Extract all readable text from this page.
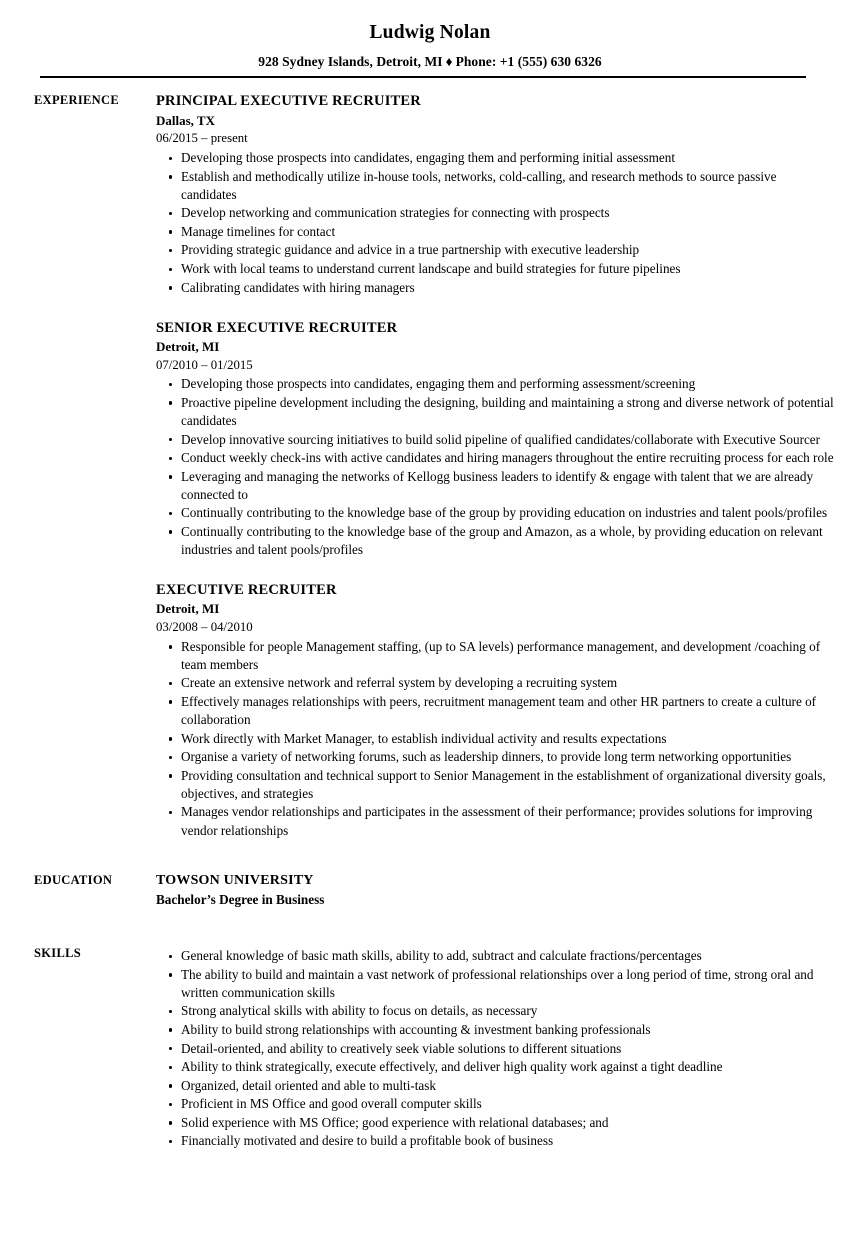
Ludwig Nolan
928 Sydney Islands, Detroit, MI ♦ Phone: +1 (555) 630 6326
EXPERIENCE	PRINCIPAL EXECUTIVE RECRUITER
Dallas, TX
06/2015 – present
Developing those prospects into candidates, engaging them and performing initial assessment
Establish and methodically utilize in-house tools, networks, cold-calling, and research methods to source passive candidates
Develop networking and communication strategies for connecting with prospects
Manage timelines for contact
Providing strategic guidance and advice in a true partnership with executive leadership
Work with local teams to understand current landscape and build strategies for future pipelines
Calibrating candidates with hiring managers
SENIOR EXECUTIVE RECRUITER
Detroit, MI
07/2010 – 01/2015
Developing those prospects into candidates, engaging them and performing assessment/screening
Proactive pipeline development including the designing, building and maintaining a strong and diverse network of potential candidates
Develop innovative sourcing initiatives to build solid pipeline of qualified candidates/collaborate with Executive Sourcer
Conduct weekly check-ins with active candidates and hiring managers throughout the entire recruiting process for each role
Leveraging and managing the networks of Kellogg business leaders to identify & engage with talent that we are already connected to
Continually contributing to the knowledge base of the group by providing education on industries and talent pools/profiles
Continually contributing to the knowledge base of the group and Amazon, as a whole, by providing education on relevant industries and talent pools/profiles
EXECUTIVE RECRUITER
Detroit, MI
03/2008 – 04/2010
Responsible for people Management staffing, (up to SA levels) performance management, and development /coaching of team members
Create an extensive network and referral system by developing a recruiting system
Effectively manages relationships with peers, recruitment management team and other HR partners to create a culture of collaboration
Work directly with Market Manager, to establish individual activity and results expectations
Organise a variety of networking forums, such as leadership dinners, to provide long term networking opportunities
Providing consultation and technical support to Senior Management in the establishment of organizational diversity goals, objectives, and strategies
Manages vendor relationships and participates in the assessment of their performance; provides solutions for improving vendor relationships
EDUCATION	TOWSON UNIVERSITY
Bachelor’s Degree in Business
SKILLS	General knowledge of basic math skills, ability to add, subtract and calculate fractions/percentages
The ability to build and maintain a vast network of professional relationships over a long period of time, strong oral and written communication skills
Strong analytical skills with ability to focus on details, as necessary
Ability to build strong relationships with accounting & investment banking professionals
Detail-oriented, and ability to creatively seek viable solutions to different situations
Ability to think strategically, execute effectively, and deliver high quality work against a tight deadline
Organized, detail oriented and able to multi-task
Proficient in MS Office and good overall computer skills
Solid experience with MS Office; good experience with relational databases; and
Financially motivated and desire to build a profitable book of business
